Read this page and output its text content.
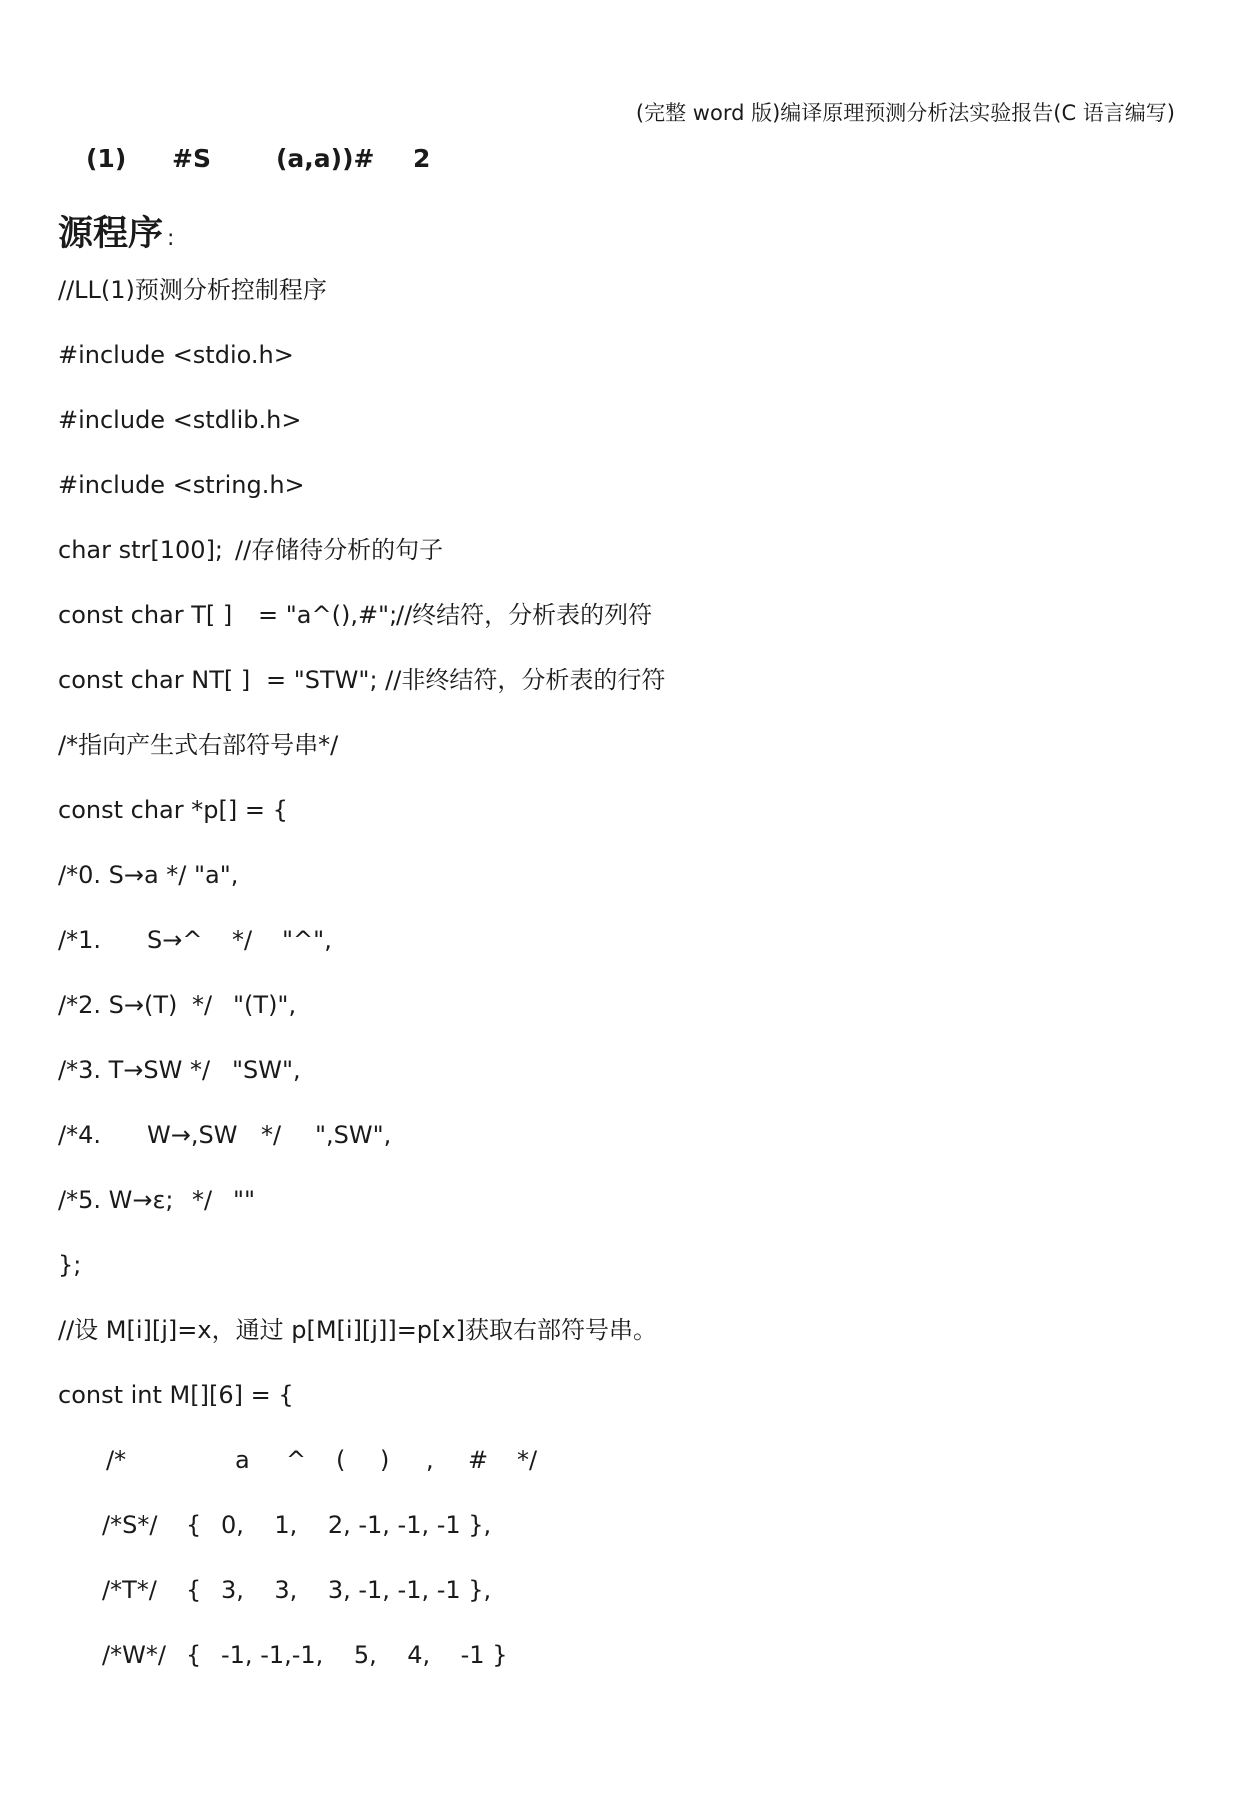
(完整 word 版)编译原理预测分析法实验报告(C 语言编写)
(1) #S	(a,a))# 2
源程序 :
//LL(1)预测分析控制程序
#include <stdio.h>
#include <stdlib.h>
#include <string.h>

char str[100];

//存储待分析的句子

const char T[ ]

= "a^(),#";

//终结符，分析表的列符

const char NT[ ]

= "STW"; //非终结符，分析表的行符

/*指向产生式右部符号串*/
const char *p[] = {
/*0. S→a */ "a",

/*1.

S→^

*/

"^",

/*2. S→(T)

*/

"(T)",

/*3. T→SW */

"SW",

/*4.

W→,SW

*/

",SW",

/*5. W→ε;

*/

""

};
//设 M[i][j]=x，通过 p[M[i][j]]=p[x]获取右部符号串。
const int M[][6] = {

/*

	a

^

(

)

,

#

*/

/*S*/

{

0,    1,    2, -1, -1, -1 },

/*T*/

{

3,    3,    3, -1, -1, -1 },

/*W*/

{

-1, -1,-1,    5,    4,    -1 }
